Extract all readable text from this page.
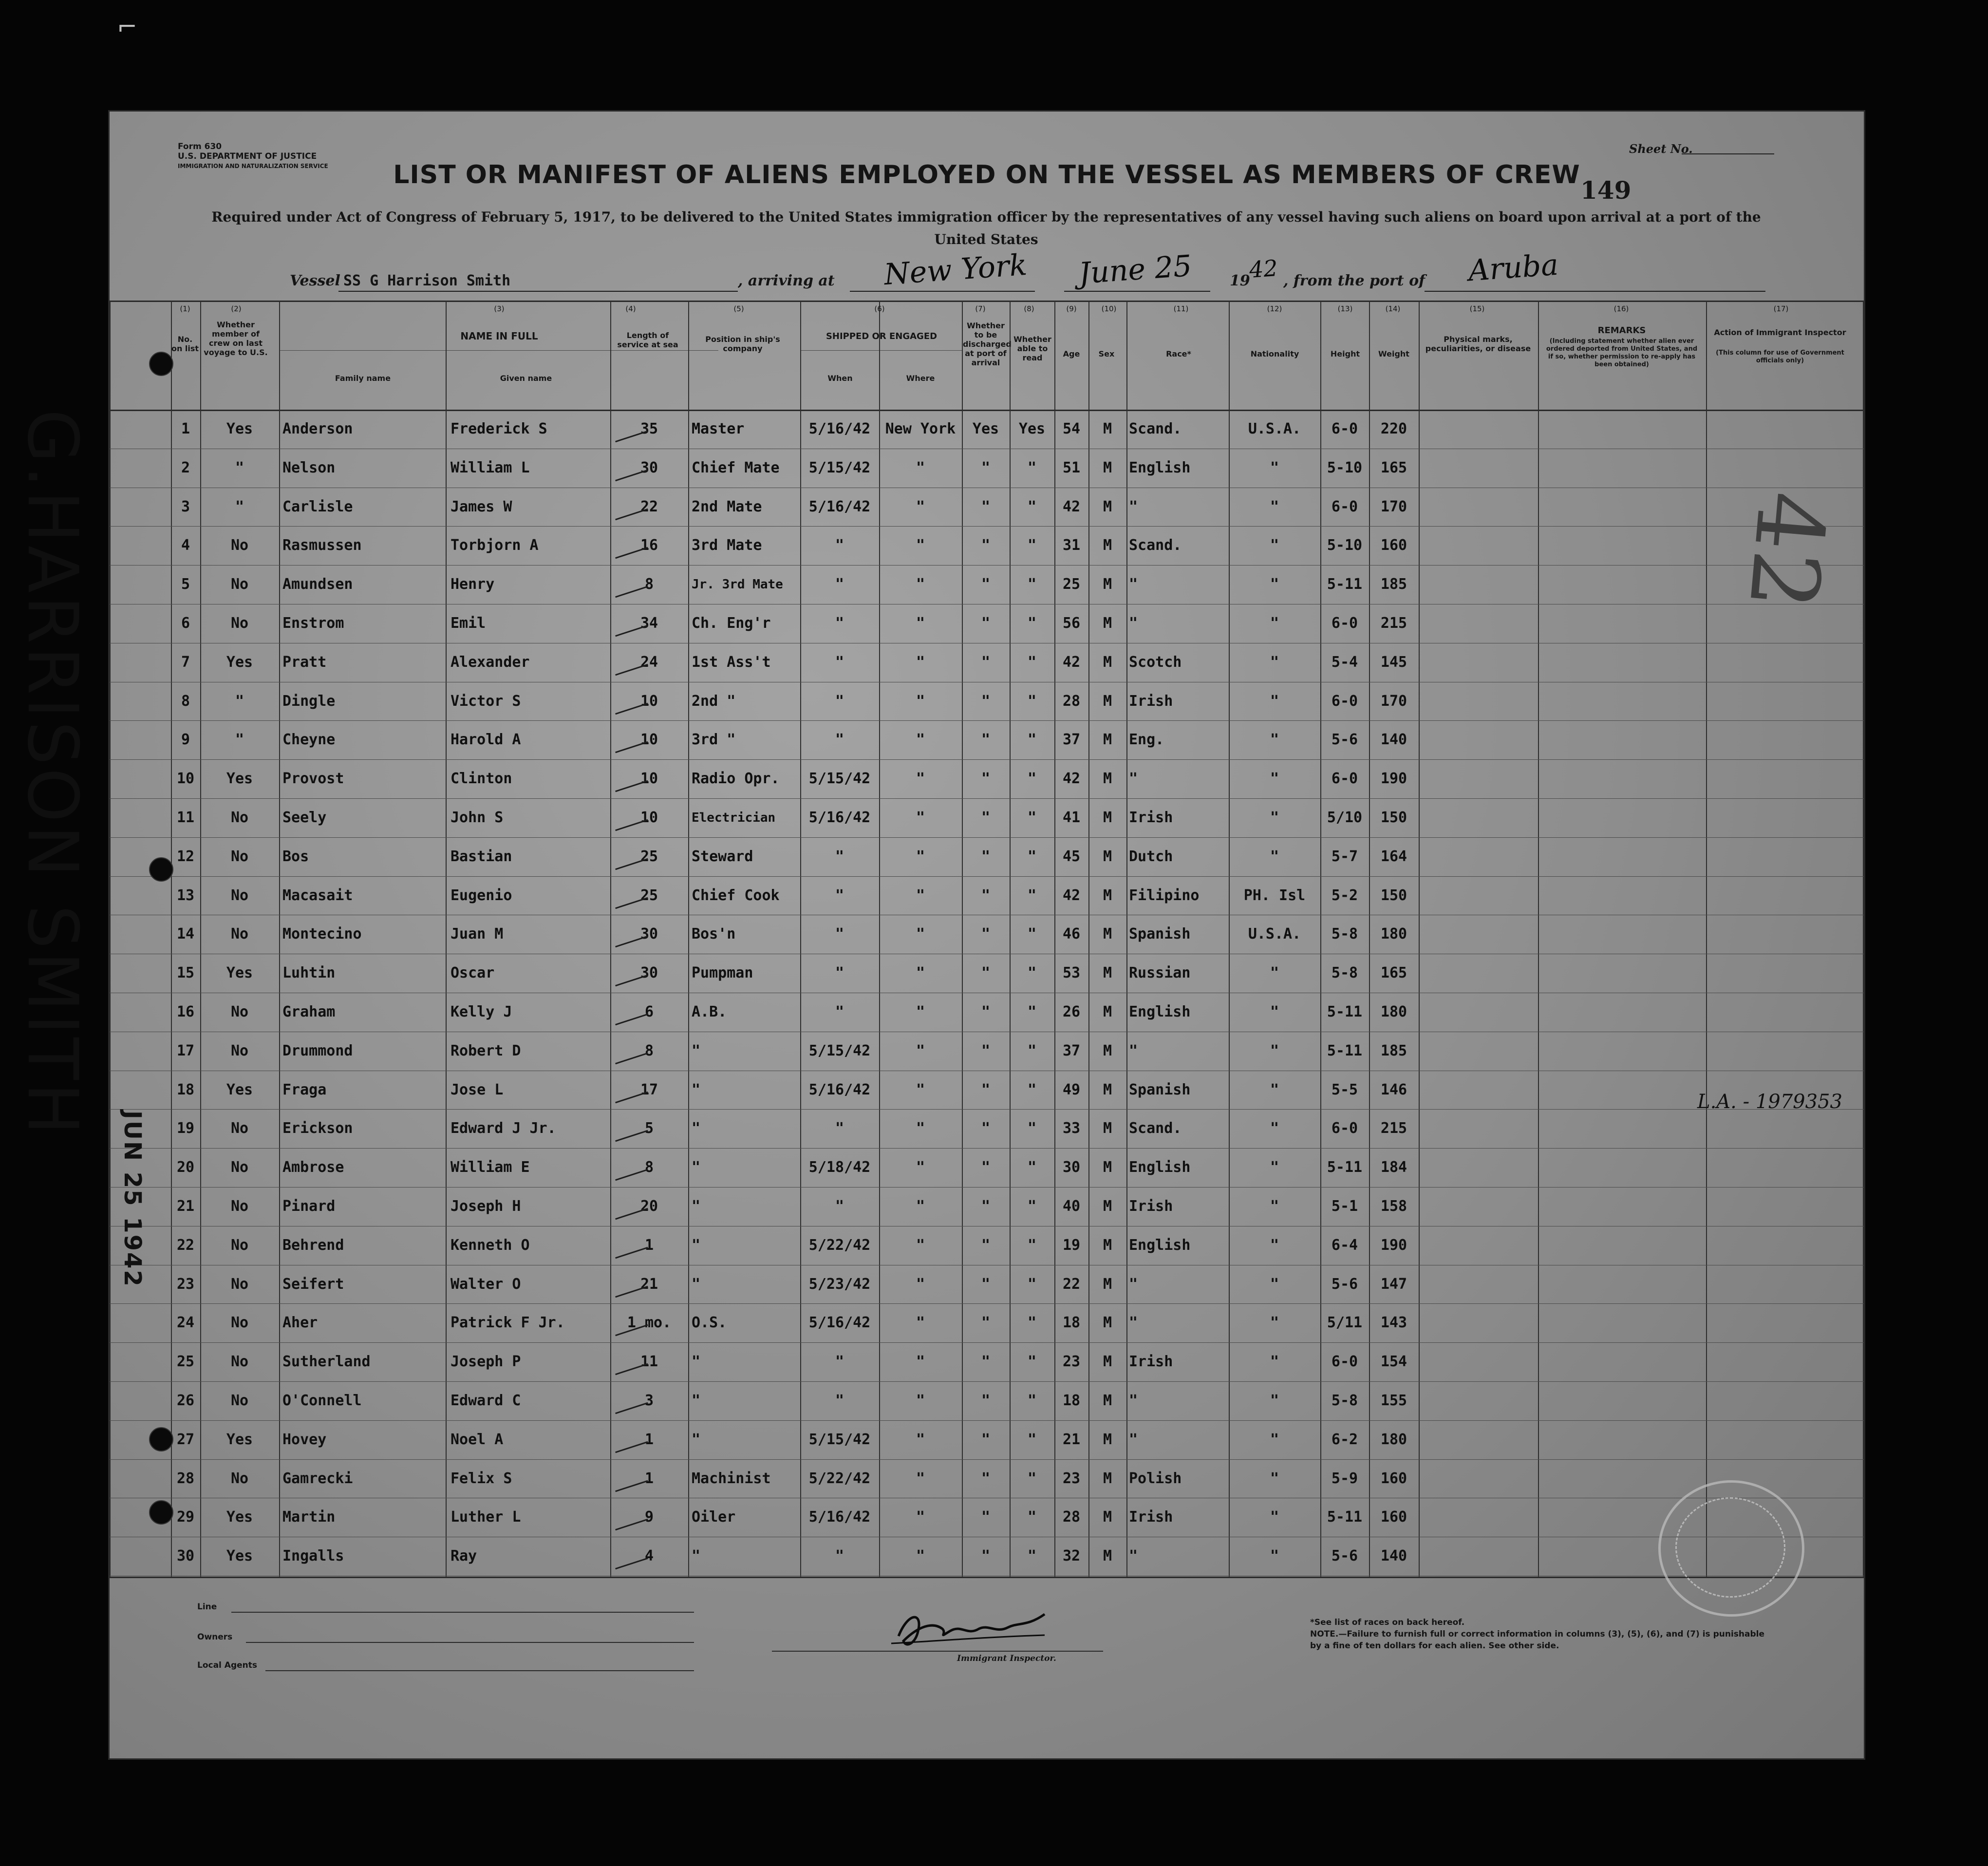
⌐
Form 630
U.S. DEPARTMENT OF JUSTICE
IMMIGRATION AND NATURALIZATION SERVICE	LIST OR MANIFEST OF ALIENS EMPLOYED ON THE VESSEL AS MEMBERS OF CREW
Sheet No.
149
Required under Act of Congress of February 5, 1917, to be delivered to the United States immigration officer by the representatives of any vessel having such aliens on board upon arrival at a port of the United States
Vessel SS G Harrison Smith	, arriving at New York June 25	19
42 , from the port of Aruba
(1)	(2)	(3)	(4)	(5)	(6)	(7)	(8)	(9)	(10)	(11)	(12)	(13)	(14)	(15)	(16)	(17)
No. on list
Whether member of crew on last voyage to U.S.
NAME IN FULL
Family name	Given name
Length of service at sea
Position in ship's company
SHIPPED OR ENGAGED
When	Where
Whether to be discharged at port of arrival
Whether able to read	Age	Sex	Race*	Nationality	Height	Weight
Physical marks, peculiarities, or disease
REMARKS
(Including statement whether alien ever ordered deported from United States, and if so, whether permission to re-apply has been obtained)
Action of Immigrant Inspector
(This column for use of Government officials only)
1	Yes	Anderson	Frederick S	35	Master	5/16/42	New York	Yes	Yes	54	M	Scand.	U.S.A.	6-0	220
2	"	Nelson	William L	30	Chief Mate	5/15/42	"	"	"	51	M	English	"	5-10	165
3	"	Carlisle	James W	22	2nd Mate	5/16/42	"	"	"	42	M	"	"	6-0	170
4	No	Rasmussen	Torbjorn A	16	3rd Mate	"	"	"	"	31	M	Scand.	"	5-10	160
5	No	Amundsen	Henry	8	Jr. 3rd Mate	"	"	"	"	25	M	"	"	5-11	185
6	No	Enstrom	Emil	34	Ch. Eng'r	"	"	"	"	56	M	"	"	6-0	215
7	Yes	Pratt	Alexander	24	1st Ass't	"	"	"	"	42	M	Scotch	"	5-4	145
8	"	Dingle	Victor S	10	2nd "	"	"	"	"	28	M	Irish	"	6-0	170
9	"	Cheyne	Harold A	10	3rd "	"	"	"	"	37	M	Eng.	"	5-6	140
10	Yes	Provost	Clinton	10	Radio Opr.	5/15/42	"	"	"	42	M	"	"	6-0	190
11	No	Seely	John S	10	Electrician	5/16/42	"	"	"	41	M	Irish	"	5/10	150
12	No	Bos	Bastian	25	Steward	"	"	"	"	45	M	Dutch	"	5-7	164
13	No	Macasait	Eugenio	25	Chief Cook	"	"	"	"	42	M	Filipino	PH. Isl	5-2	150
14	No	Montecino	Juan M	30	Bos'n	"	"	"	"	46	M	Spanish	U.S.A.	5-8	180
15	Yes	Luhtin	Oscar	30	Pumpman	"	"	"	"	53	M	Russian	"	5-8	165
16	No	Graham	Kelly J	6	A.B.	"	"	"	"	26	M	English	"	5-11	180
17	No	Drummond	Robert D	8	"	5/15/42	"	"	"	37	M	"	"	5-11	185
18	Yes	Fraga	Jose L	17	"	5/16/42	"	"	"	49	M	Spanish	"	5-5	146
19	No	Erickson	Edward J Jr.	5	"	"	"	"	"	33	M	Scand.	"	6-0	215
20	No	Ambrose	William E	8	"	5/18/42	"	"	"	30	M	English	"	5-11	184
21	No	Pinard	Joseph H	20	"	"	"	"	"	40	M	Irish	"	5-1	158
22	No	Behrend	Kenneth O	1	"	5/22/42	"	"	"	19	M	English	"	6-4	190
23	No	Seifert	Walter O	21	"	5/23/42	"	"	"	22	M	"	"	5-6	147
24	No	Aher	Patrick F Jr.	1 mo.	O.S.	5/16/42	"	"	"	18	M	"	"	5/11	143
25	No	Sutherland	Joseph P	11	"	"	"	"	"	23	M	Irish	"	6-0	154
26	No	O'Connell	Edward C	3	"	"	"	"	"	18	M	"	"	5-8	155
27	Yes	Hovey	Noel A	1	"	5/15/42	"	"	"	21	M	"	"	6-2	180
28	No	Gamrecki	Felix S	1	Machinist	5/22/42	"	"	"	23	M	Polish	"	5-9	160
29	Yes	Martin	Luther L	9	Oiler	5/16/42	"	"	"	28	M	Irish	"	5-11	160
30	Yes	Ingalls	Ray	4	"	"	"	"	"	32	M	"	"	5-6	140
L.A. - 1979353
Line
Owners
Local Agents
Immigrant Inspector.
*See list of races on back hereof.
NOTE.—Failure to furnish full or correct information in columns (3), (5), (6), and (7) is punishable by a fine of ten dollars for each alien. See other side.
G.HARRISON SMITH
JUN 25 1942
42
